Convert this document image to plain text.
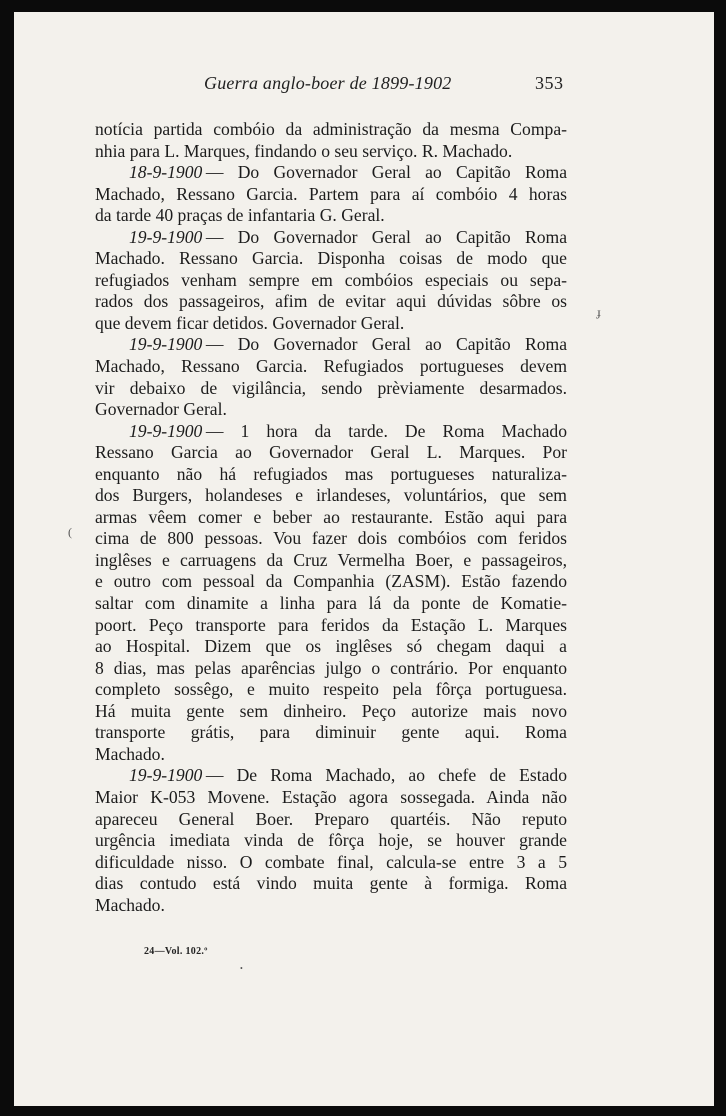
Guerra anglo-boer de 1899-1902	353
notícia partida combóio da administração da mesma Compa-
nhia para L. Marques, findando o seu serviço. R. Machado.
18-9-1900  — Do Governador Geral ao Capitão Roma
Machado, Ressano Garcia. Partem para aí combóio 4 horas
da tarde 40 praças de infantaria G. Geral.
19-9-1900  — Do Governador Geral ao Capitão Roma
Machado. Ressano Garcia. Disponha coisas de modo que
refugiados venham sempre em combóios especiais ou sepa-
rados dos passageiros, afim de evitar aqui dúvidas sôbre os
que devem ficar detidos. Governador Geral.
19-9-1900  — Do Governador Geral ao Capitão Roma
Machado, Ressano Garcia. Refugiados portugueses devem
vir debaixo de vigilância, sendo prèviamente desarmados.
Governador Geral.
19-9-1900  — 1 hora da tarde. De Roma Machado
Ressano Garcia ao Governador Geral L. Marques. Por
enquanto não há refugiados mas portugueses naturaliza-
dos Burgers, holandeses e irlandeses, voluntários, que sem
armas vêem comer e beber ao restaurante. Estão aqui para
cima de 800 pessoas. Vou fazer dois combóios com feridos
inglêses e carruagens da Cruz Vermelha Boer, e passageiros,
e outro com pessoal da Companhia (ZASM). Estão fazendo
saltar com dinamite a linha para lá da ponte de Komatie-
poort. Peço transporte para feridos da Estação L. Marques
ao Hospital. Dizem que os inglêses só chegam daqui a
8 dias, mas pelas aparências julgo o contrário. Por enquanto
completo sossêgo, e muito respeito pela fôrça portuguesa.
Há muita gente sem dinheiro. Peço autorize mais novo
transporte grátis, para diminuir gente aqui. Roma
Machado.
19-9-1900  — De Roma Machado, ao chefe de Estado
Maior K-053 Movene. Estação agora sossegada. Ainda não
apareceu General Boer. Preparo quartéis. Não reputo
urgência imediata vinda de fôrça hoje, se houver grande
dificuldade nisso. O combate final, calcula-se entre 3 a 5
dias contudo está vindo muita gente à formiga. Roma
Machado.
24—Vol. 102.º
ɟ
(
•
